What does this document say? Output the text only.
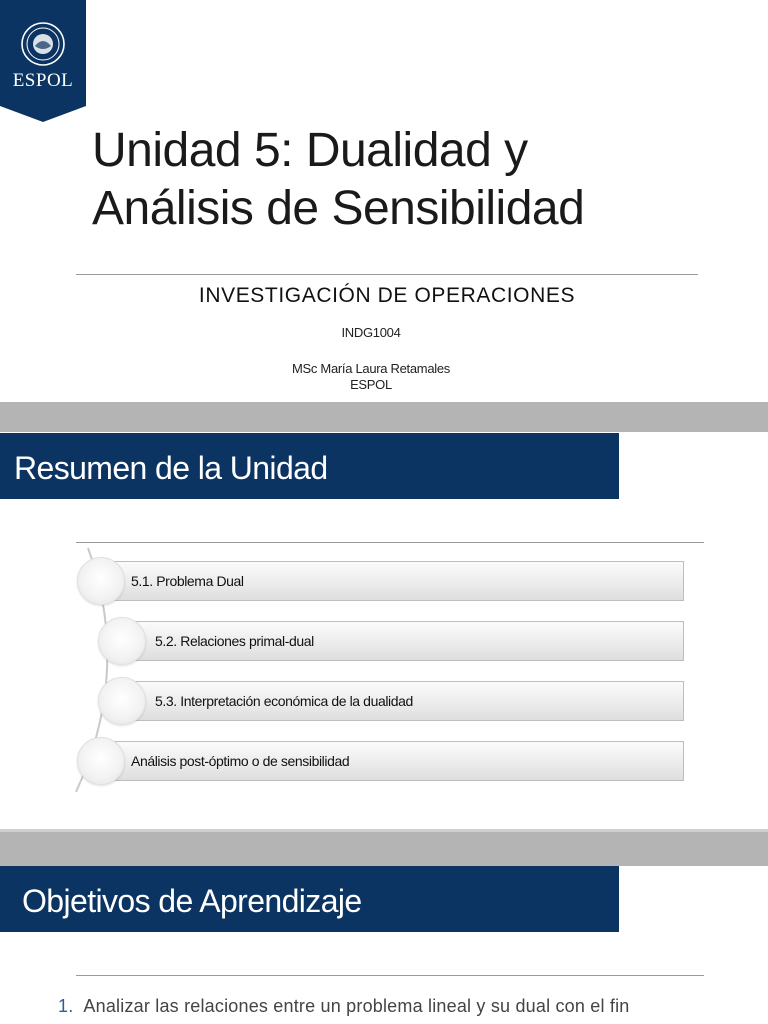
ESPOL
Unidad 5: Dualidad y
Análisis de Sensibilidad
INVESTIGACIÓN DE OPERACIONES
INDG1004
MSc María Laura Retamales
ESPOL
Resumen de la Unidad
5.1. Problema Dual
5.2. Relaciones primal-dual
5.3. Interpretación económica de la dualidad
Análisis post-óptimo o de sensibilidad
Objetivos de Aprendizaje
1. Analizar las relaciones entre un problema lineal y su dual con el fin
